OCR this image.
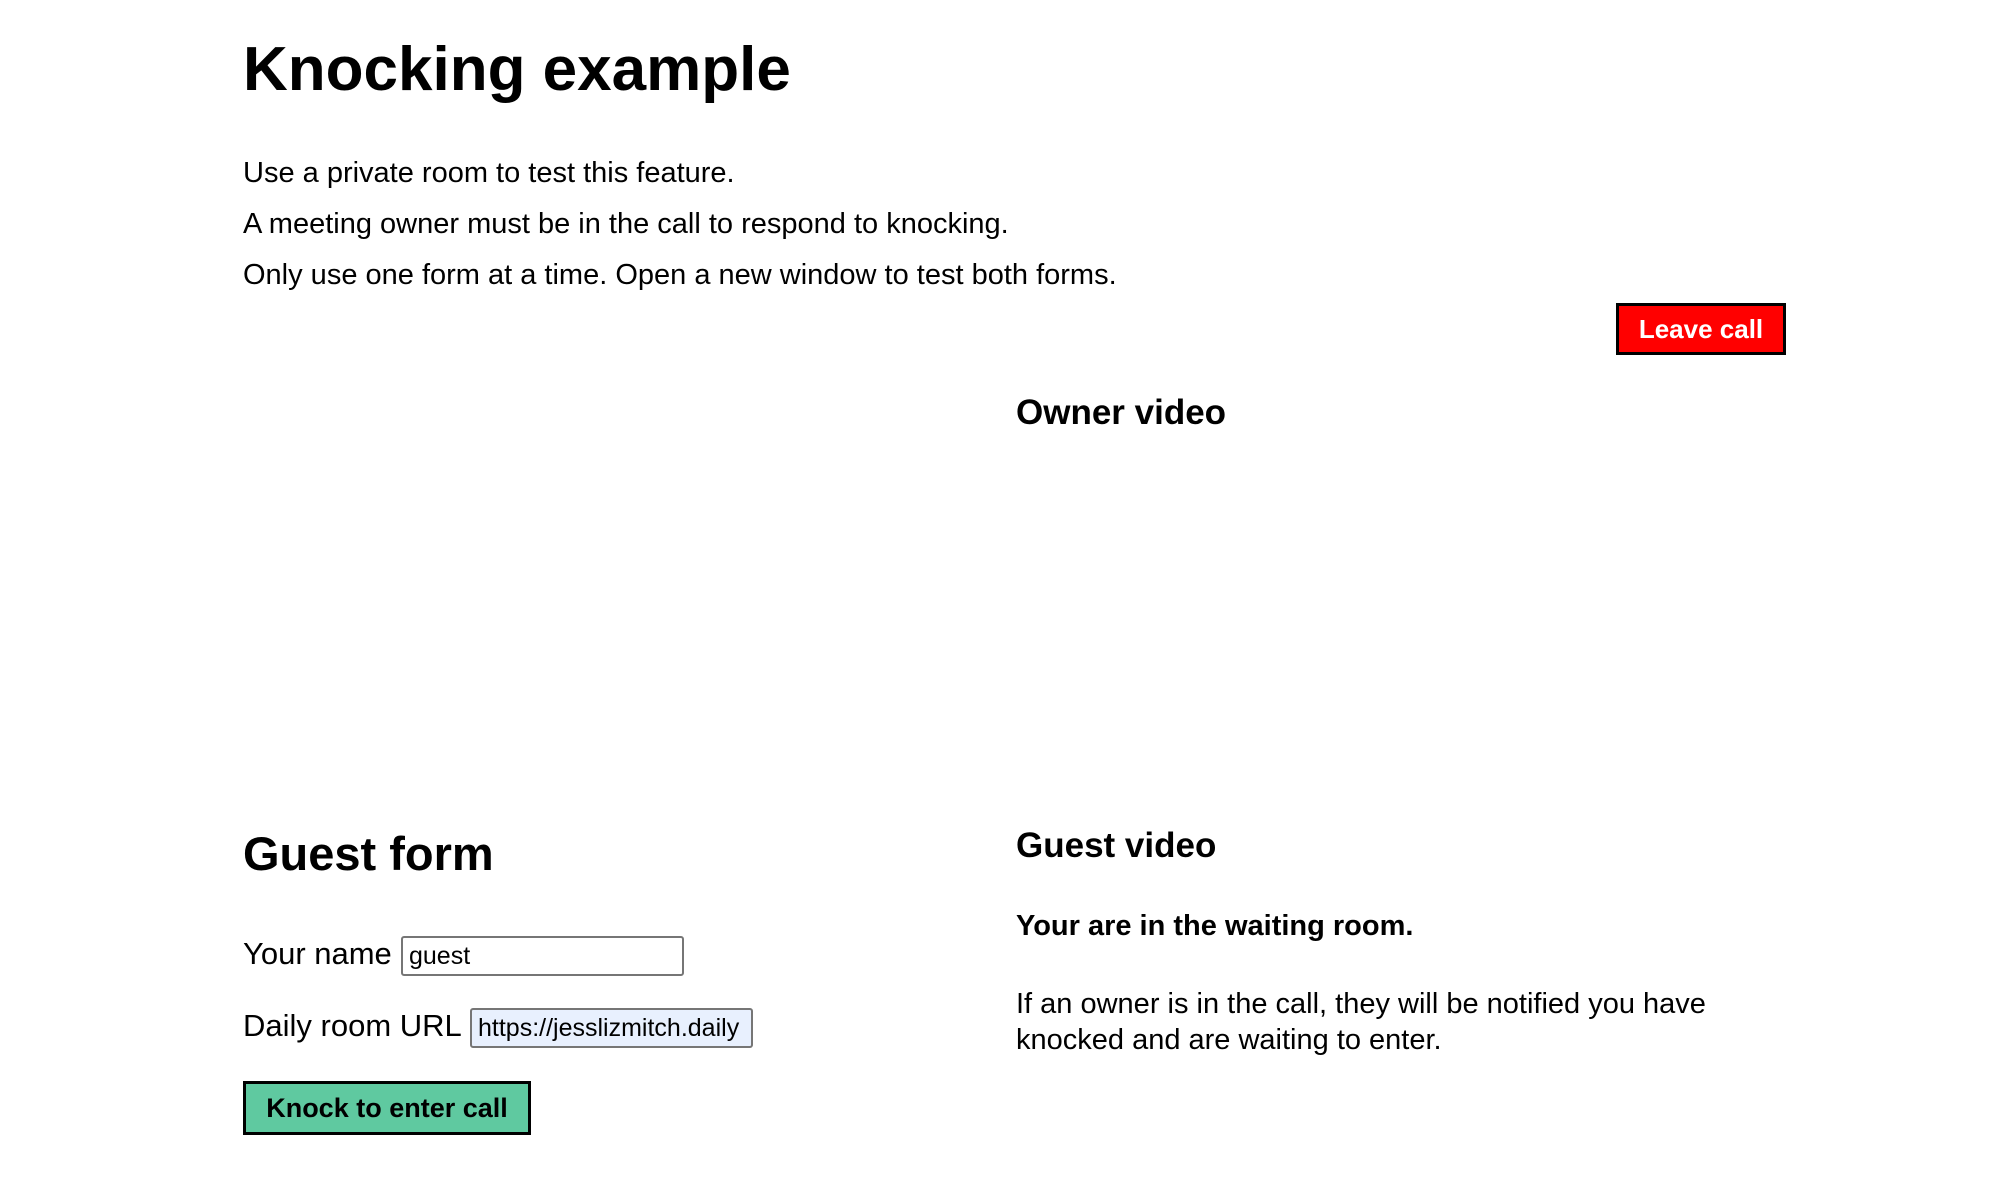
Knocking example

Use a private room to test this feature.

A meeting owner must be in the call to respond to knocking.

Only use one form at a time. Open a new window to test both forms.

Leave call
Owner video
Guest form
Your name
guest
Daily room URL
https://jesslizmitch.daily
Knock to enter call
Guest video

Your are in the waiting room.

If an owner is in the call, they will be notified you have knocked and are waiting to enter.
